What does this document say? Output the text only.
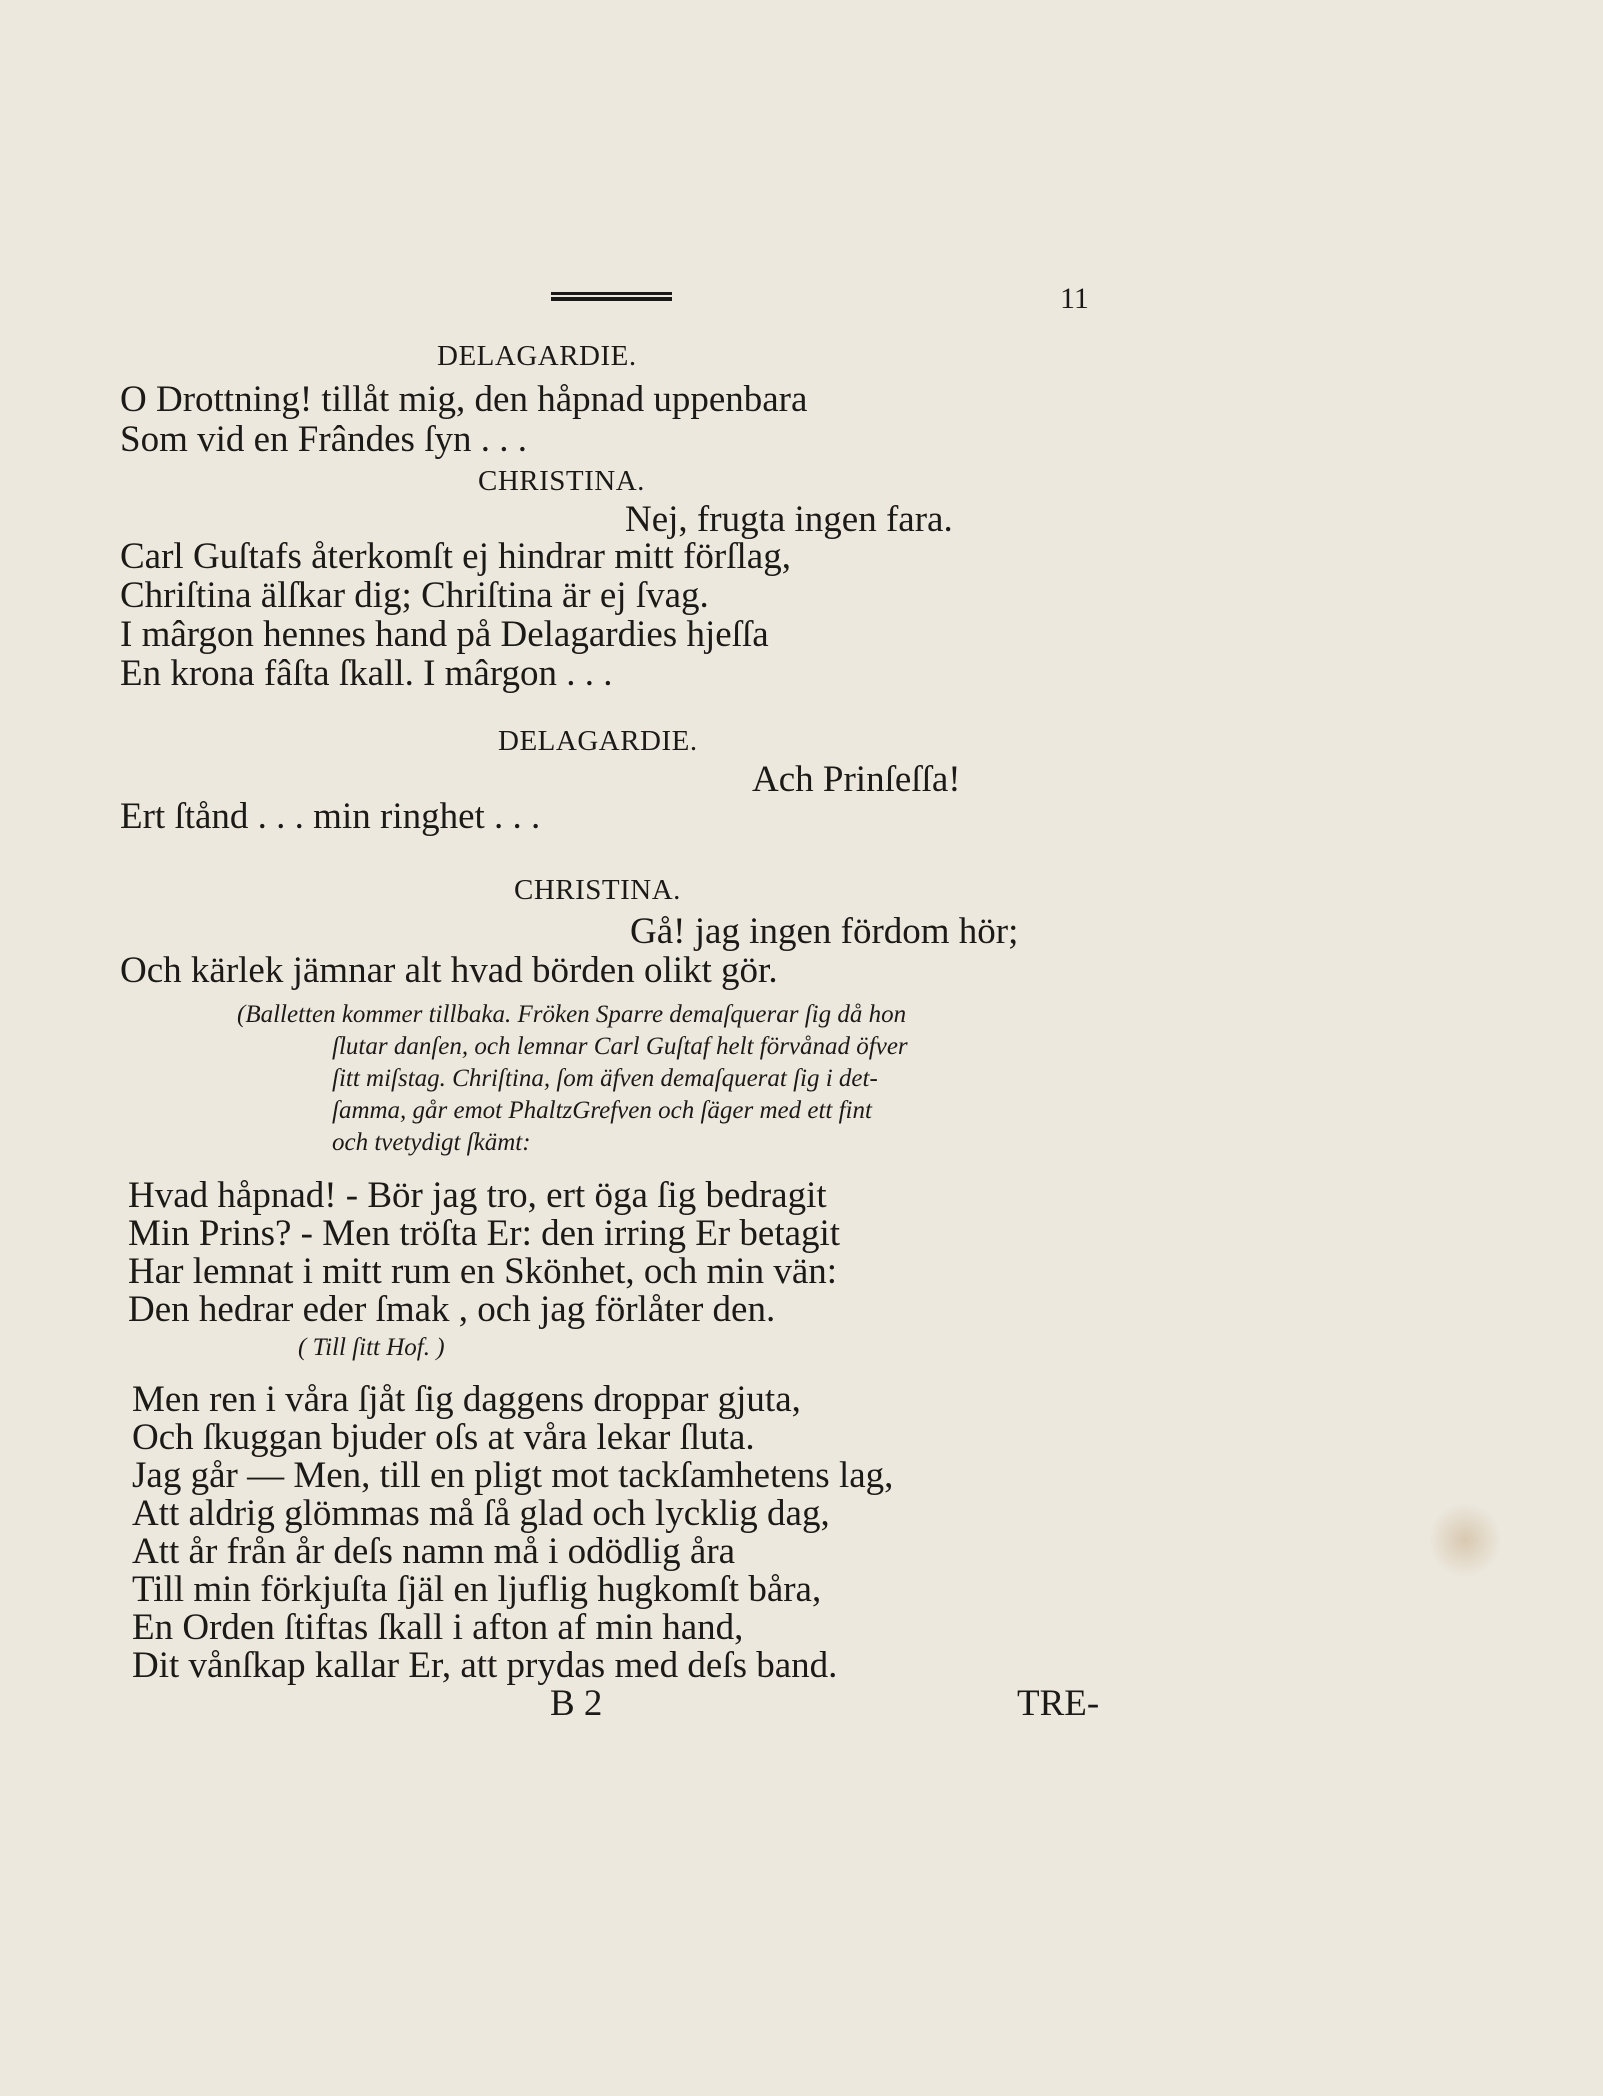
11
DELAGARDIE.
O Drottning! tillåt mig, den håpnad uppenbara
Som vid en Frândes ſyn . . .
CHRISTINA.
Nej, frugta ingen fara.
Carl Guſtafs återkomſt ej hindrar mitt förſlag,
Chriſtina älſkar dig; Chriſtina är ej ſvag.
I mârgon hennes hand på Delagardies hjeſſa
En krona fâſta ſkall. I mârgon . . .
DELAGARDIE.
Ach Prinſeſſa!
Ert ſtånd . . . min ringhet . . .
CHRISTINA.
Gå! jag ingen fördom hör;
Och kärlek jämnar alt hvad börden olikt gör.
(Balletten kommer tillbaka. Fröken Sparre demaſquerar ſig då hon
ſlutar danſen, och lemnar Carl Guſtaf helt förvånad öfver
ſitt miſstag. Chriſtina, ſom äfven demaſquerat ſig i det-
ſamma, går emot PhaltzGrefven och ſäger med ett fint
och tvetydigt ſkämt:
Hvad håpnad! - Bör jag tro, ert öga ſig bedragit
Min Prins? - Men tröſta Er: den irring Er betagit
Har lemnat i mitt rum en Skönhet, och min vän:
Den hedrar eder ſmak , och jag förlåter den.
( Till ſitt Hof. )
Men ren i våra ſjåt ſig daggens droppar gjuta,
Och ſkuggan bjuder oſs at våra lekar ſluta.
Jag går — Men, till en pligt mot tackſamhetens lag,
Att aldrig glömmas må ſå glad och lycklig dag,
Att år från år deſs namn må i odödlig åra
Till min förkjuſta ſjäl en ljuflig hugkomſt båra,
En Orden ſtiftas ſkall i afton af min hand,
Dit vånſkap kallar Er, att prydas med deſs band.
B 2	TRE-
